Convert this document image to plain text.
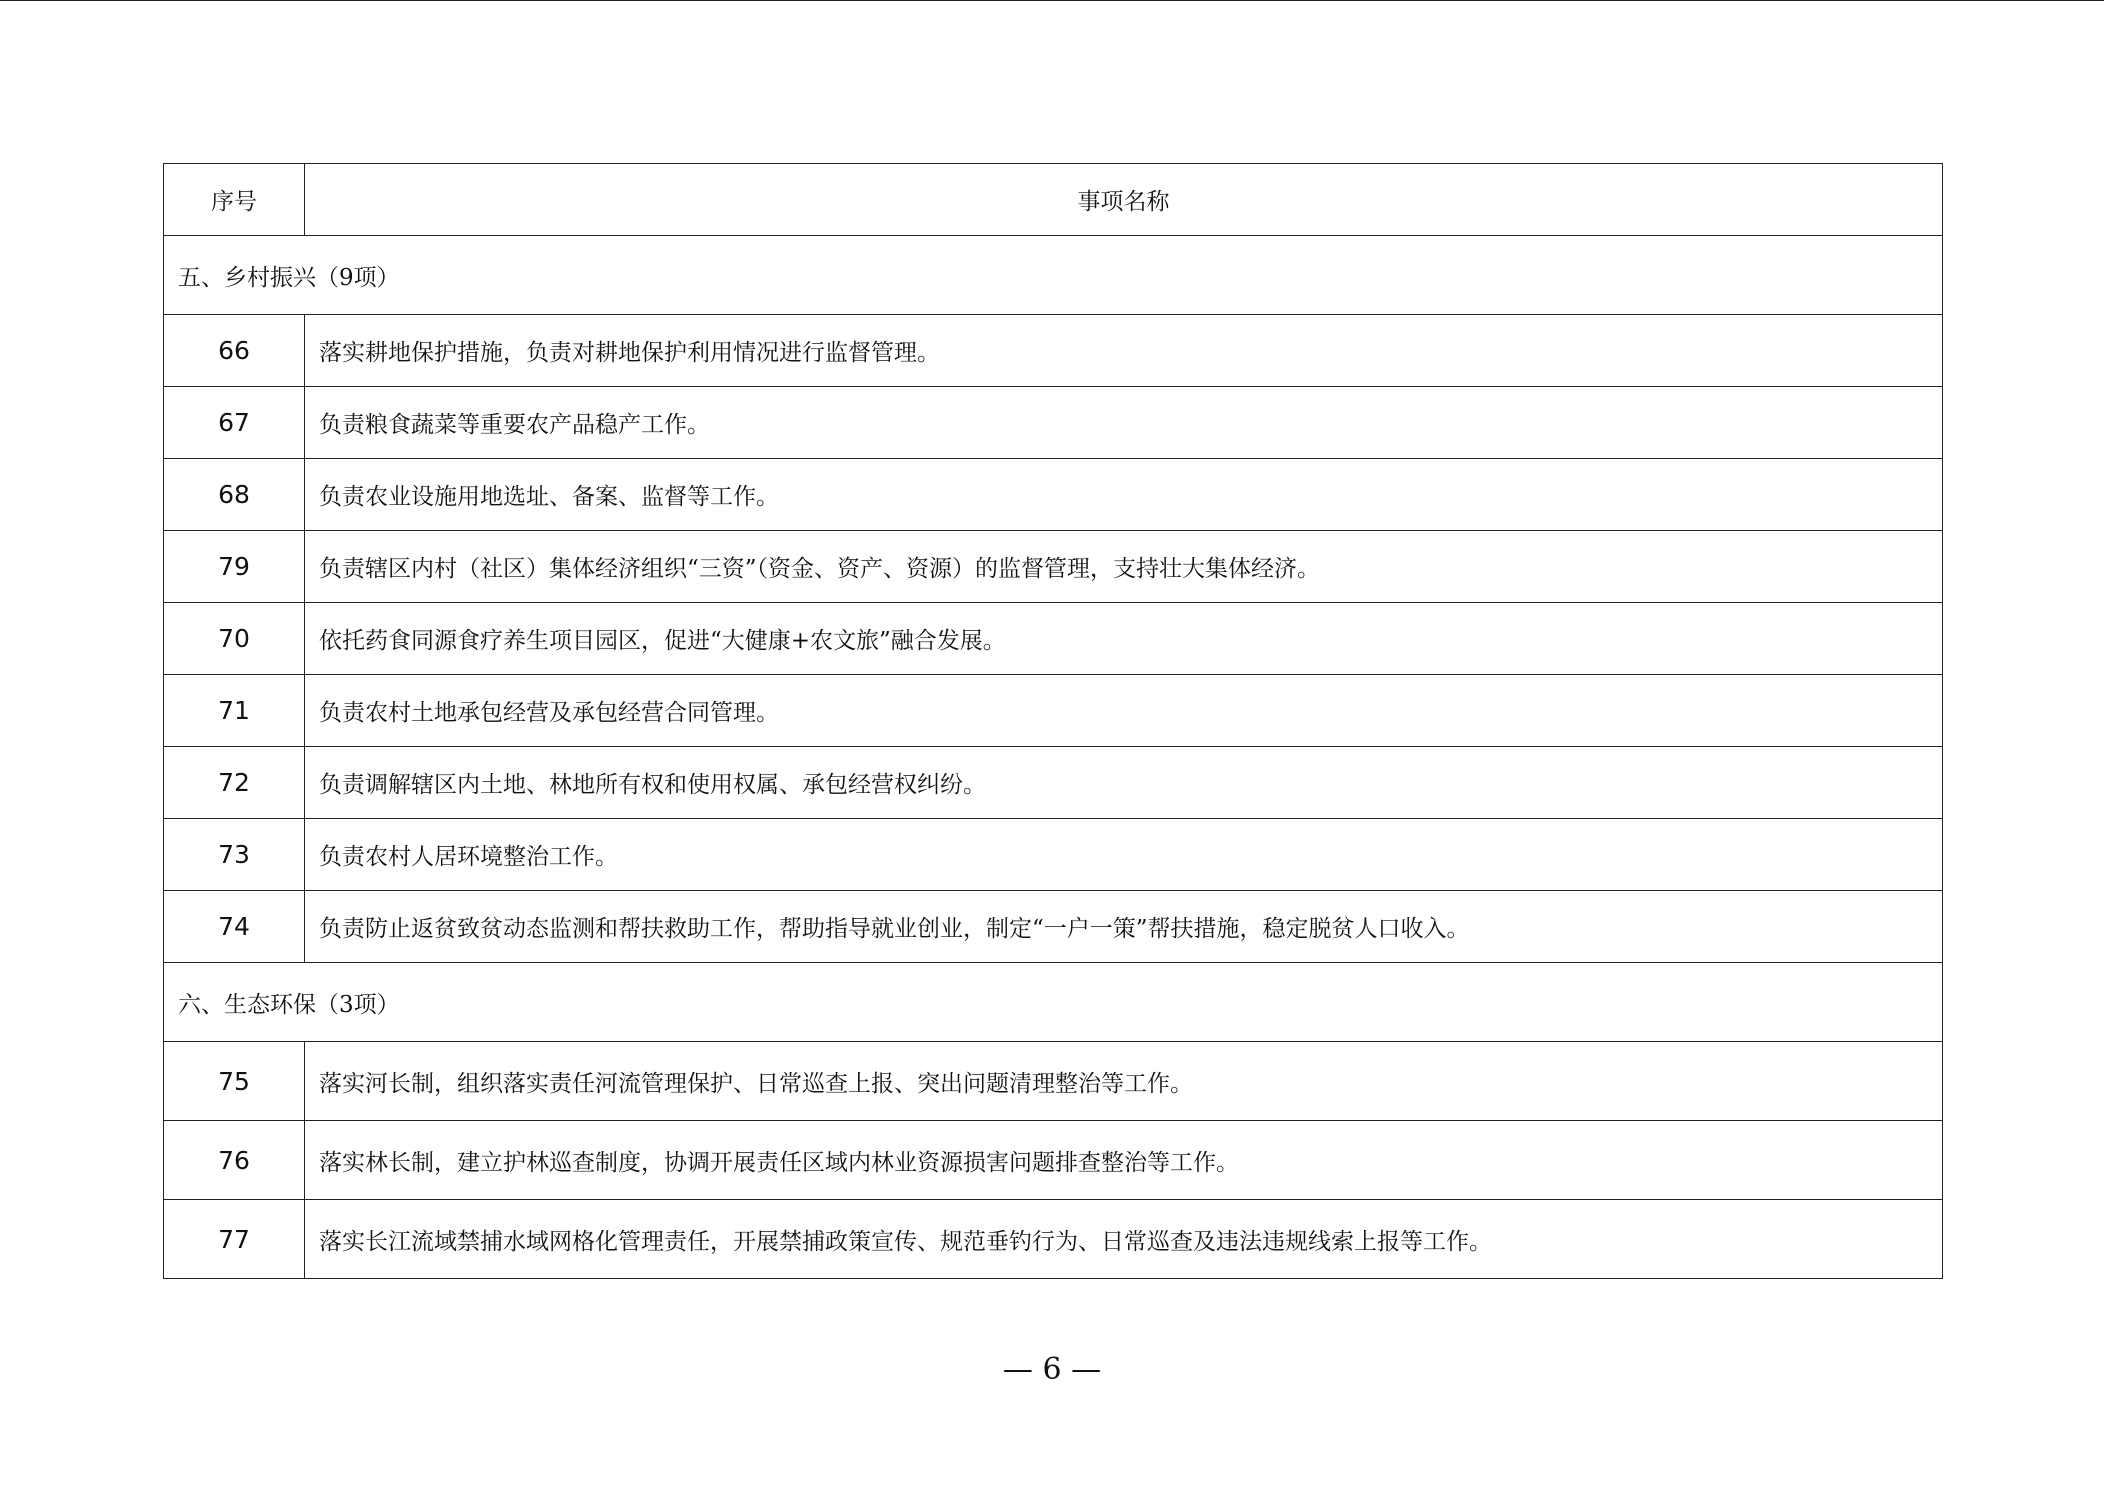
序号	事项名称
五、乡村振兴（9项）	
66	落实耕地保护措施，负责对耕地保护利用情况进行监督管理。
67	负责粮食蔬菜等重要农产品稳产工作。
68	负责农业设施用地选址、备案、监督等工作。
79	负责辖区内村（社区）集体经济组织“三资”（资金、资产、资源）的监督管理，支持壮大集体经济。
70	依托药食同源食疗养生项目园区，促进“大健康+农文旅”融合发展。
71	负责农村土地承包经营及承包经营合同管理。
72	负责调解辖区内土地、林地所有权和使用权属、承包经营权纠纷。
73	负责农村人居环境整治工作。
74	负责防止返贫致贫动态监测和帮扶救助工作，帮助指导就业创业，制定“一户一策”帮扶措施，稳定脱贫人口收入。
六、生态环保（3项）	
75	落实河长制，组织落实责任河流管理保护、日常巡查上报、突出问题清理整治等工作。
76	落实林长制，建立护林巡查制度，协调开展责任区域内林业资源损害问题排查整治等工作。
77	落实长江流域禁捕水域网格化管理责任，开展禁捕政策宣传、规范垂钓行为、日常巡查及违法违规线索上报等工作。
— 6 —
